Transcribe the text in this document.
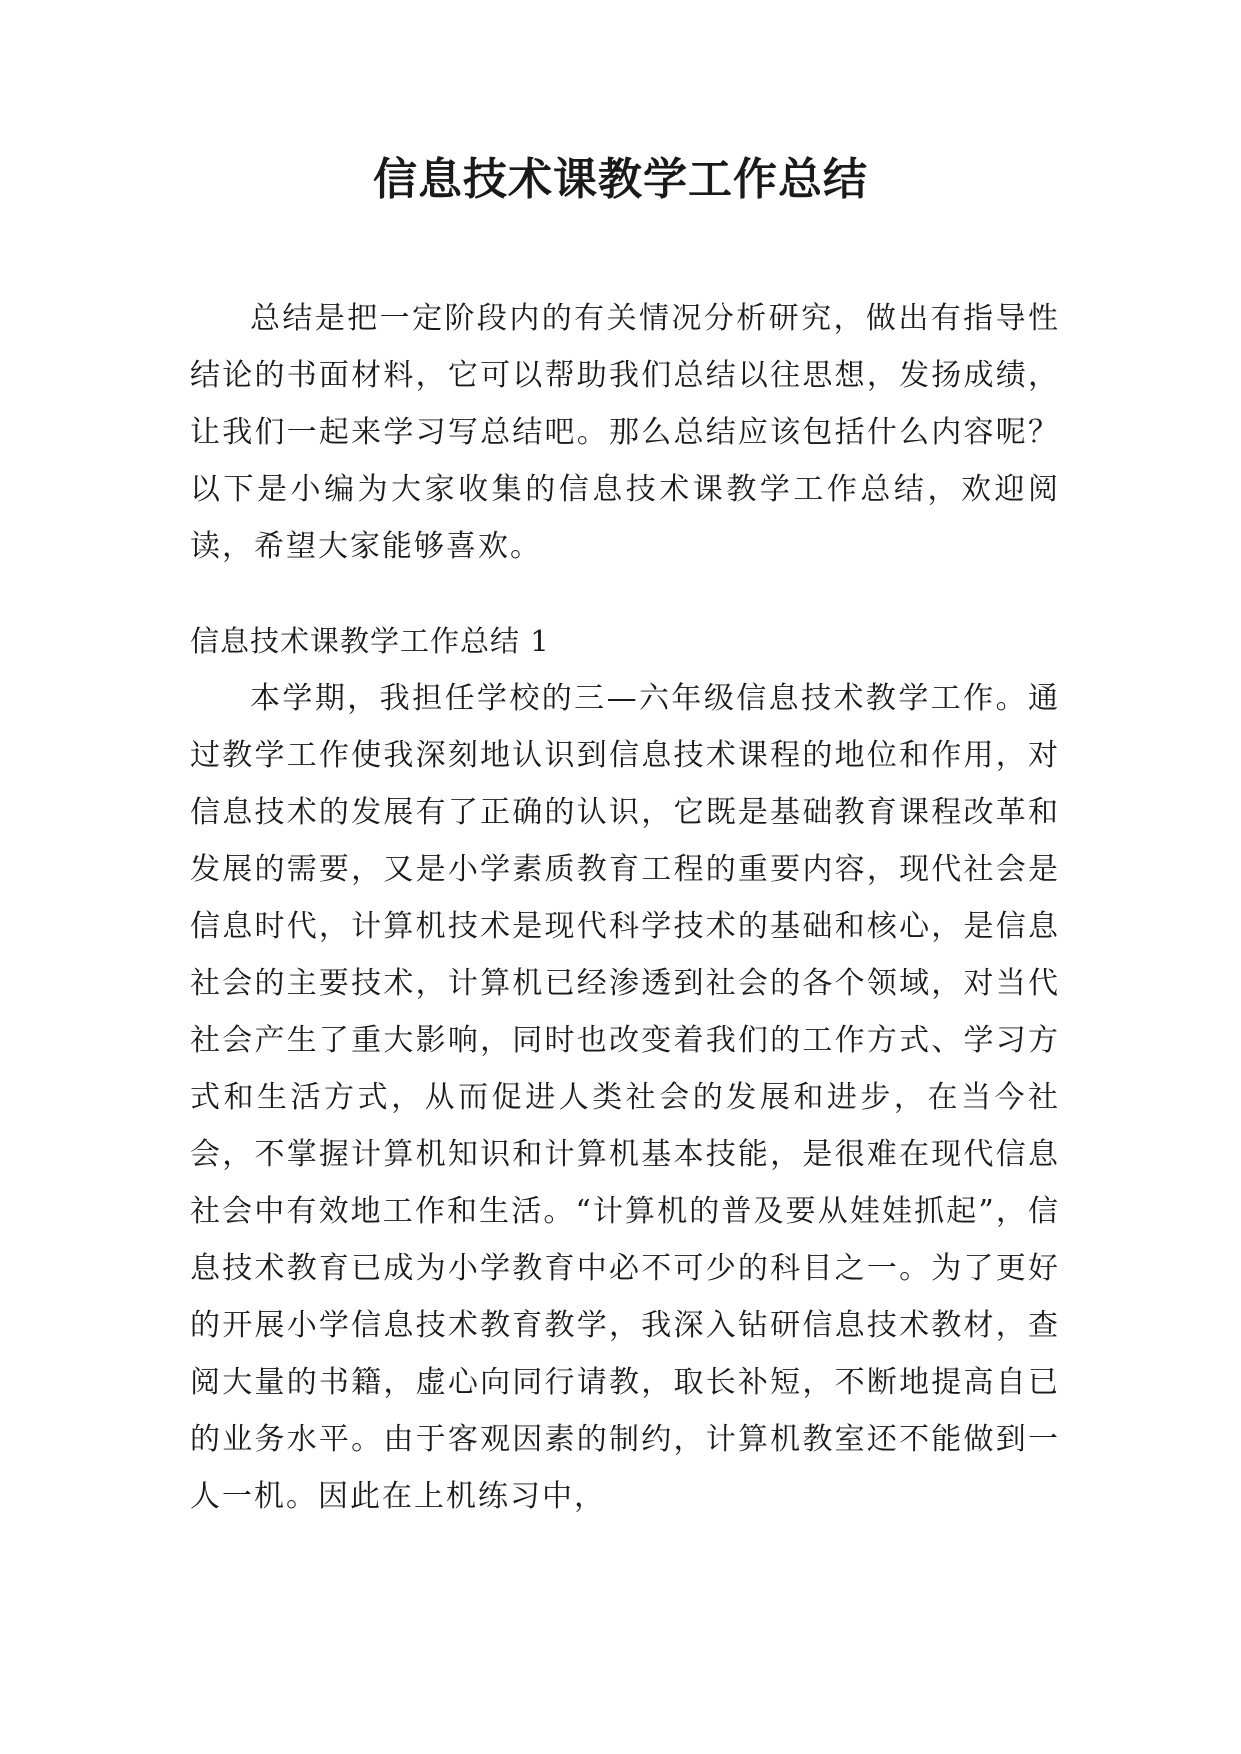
信息技术课教学工作总结

总结是把一定阶段内的有关情况分析研究，做出有指导性结论的书面材料，它可以帮助我们总结以往思想，发扬成绩，让我们一起来学习写总结吧。那么总结应该包括什么内容呢？以下是小编为大家收集的信息技术课教学工作总结，欢迎阅读，希望大家能够喜欢。

信息技术课教学工作总结 1

本学期，我担任学校的三—六年级信息技术教学工作。通过教学工作使我深刻地认识到信息技术课程的地位和作用，对信息技术的发展有了正确的认识，它既是基础教育课程改革和发展的需要，又是小学素质教育工程的重要内容，现代社会是信息时代，计算机技术是现代科学技术的基础和核心，是信息社会的主要技术，计算机已经渗透到社会的各个领域，对当代社会产生了重大影响，同时也改变着我们的工作方式、学习方式和生活方式，从而促进人类社会的发展和进步，在当今社会，不掌握计算机知识和计算机基本技能，是很难在现代信息社会中有效地工作和生活。“计算机的普及要从娃娃抓起”，信息技术教育已成为小学教育中必不可少的科目之一。为了更好的开展小学信息技术教育教学，我深入钻研信息技术教材，查阅大量的书籍，虚心向同行请教，取长补短，不断地提高自已的业务水平。由于客观因素的制约，计算机教室还不能做到一人一机。因此在上机练习中，
